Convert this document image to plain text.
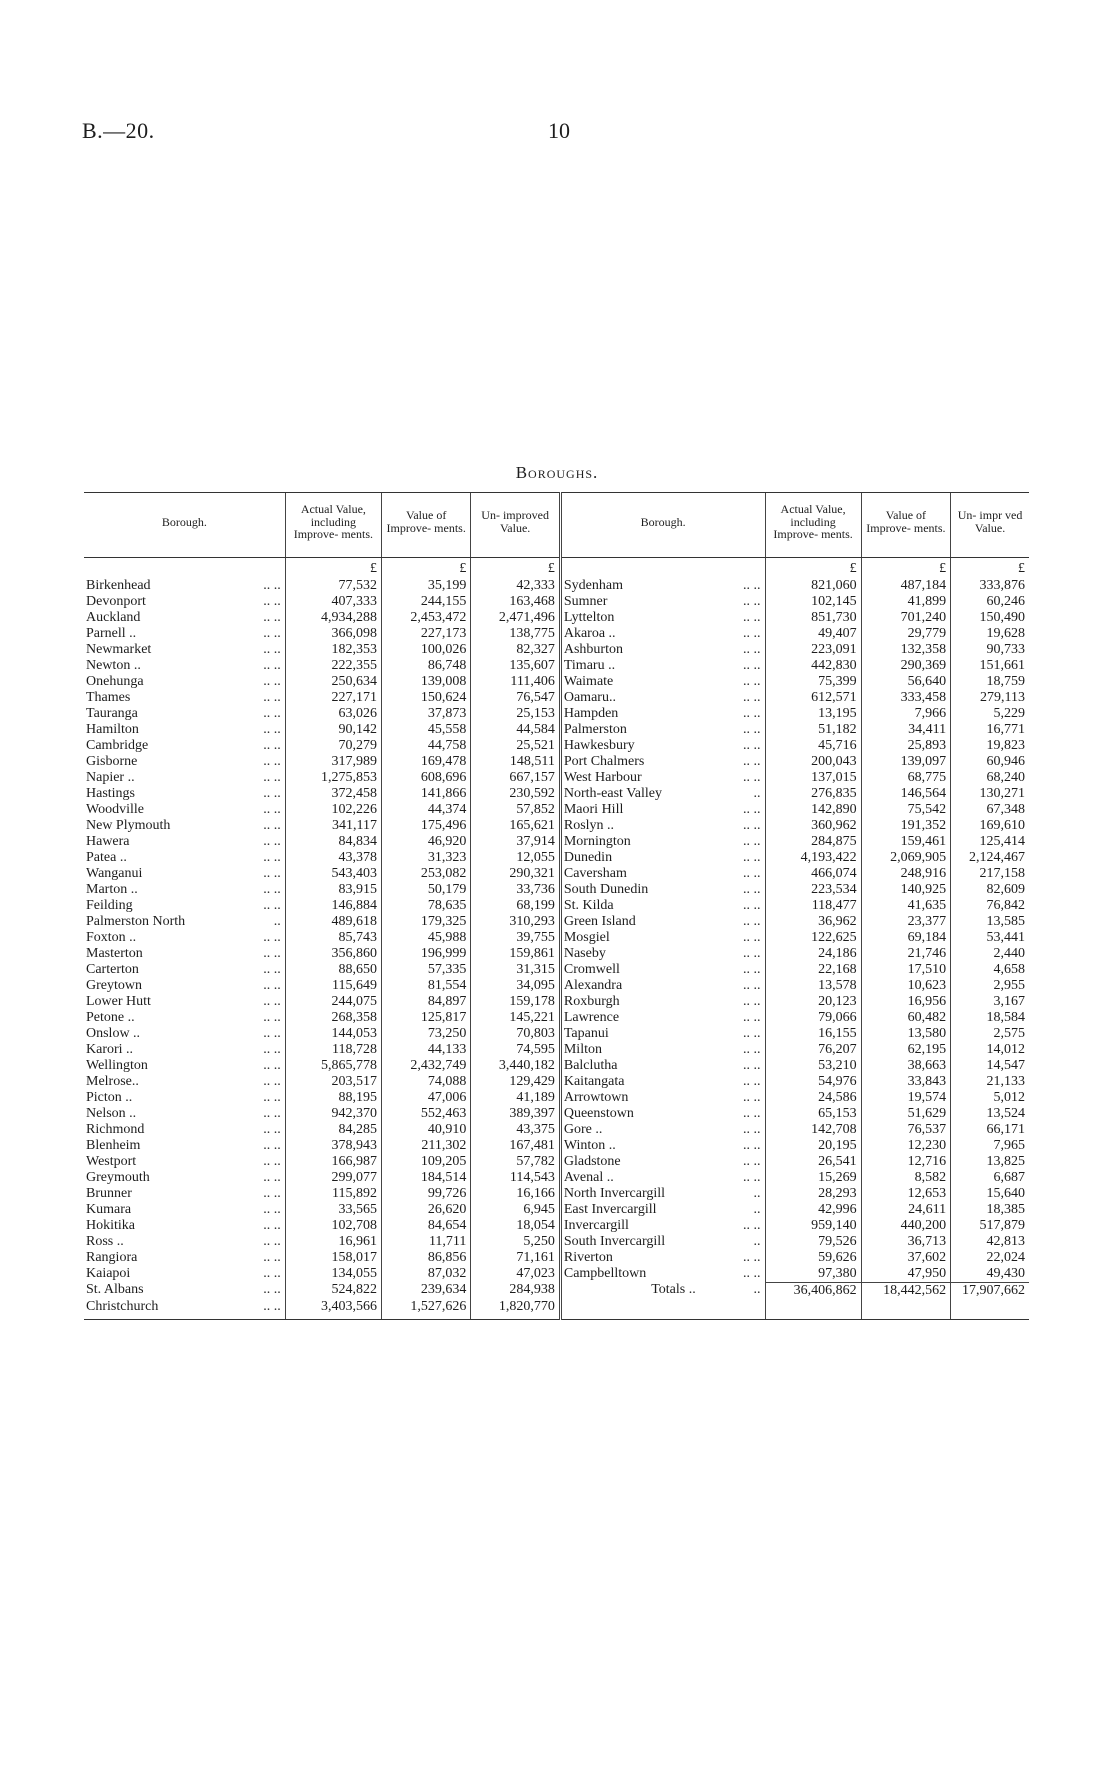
B.—20.	10
Boroughs.
Borough.		Actual Value, including Improve- ments.	Value of Improve- ments.	Un- improved Value.	Borough.		Actual Value, including Improve- ments.	Value of Improve- ments.	Un- impr ved Value.
		£	£	£			£	£	£
Birkenhead	.. ..	77,532	35,199	42,333	Sydenham	.. ..	821,060	487,184	333,876
Devonport	.. ..	407,333	244,155	163,468	Sumner	.. ..	102,145	41,899	60,246
Auckland	.. ..	4,934,288	2,453,472	2,471,496	Lyttelton	.. ..	851,730	701,240	150,490
Parnell ..	.. ..	366,098	227,173	138,775	Akaroa ..	.. ..	49,407	29,779	19,628
Newmarket	.. ..	182,353	100,026	82,327	Ashburton	.. ..	223,091	132,358	90,733
Newton ..	.. ..	222,355	86,748	135,607	Timaru ..	.. ..	442,830	290,369	151,661
Onehunga	.. ..	250,634	139,008	111,406	Waimate	.. ..	75,399	56,640	18,759
Thames	.. ..	227,171	150,624	76,547	Oamaru..	.. ..	612,571	333,458	279,113
Tauranga	.. ..	63,026	37,873	25,153	Hampden	.. ..	13,195	7,966	5,229
Hamilton	.. ..	90,142	45,558	44,584	Palmerston	.. ..	51,182	34,411	16,771
Cambridge	.. ..	70,279	44,758	25,521	Hawkesbury	.. ..	45,716	25,893	19,823
Gisborne	.. ..	317,989	169,478	148,511	Port Chalmers	.. ..	200,043	139,097	60,946
Napier ..	.. ..	1,275,853	608,696	667,157	West Harbour	.. ..	137,015	68,775	68,240
Hastings	.. ..	372,458	141,866	230,592	North-east Valley	..	276,835	146,564	130,271
Woodville	.. ..	102,226	44,374	57,852	Maori Hill	.. ..	142,890	75,542	67,348
New Plymouth	.. ..	341,117	175,496	165,621	Roslyn ..	.. ..	360,962	191,352	169,610
Hawera	.. ..	84,834	46,920	37,914	Mornington	.. ..	284,875	159,461	125,414
Patea ..	.. ..	43,378	31,323	12,055	Dunedin	.. ..	4,193,422	2,069,905	2,124,467
Wanganui	.. ..	543,403	253,082	290,321	Caversham	.. ..	466,074	248,916	217,158
Marton ..	.. ..	83,915	50,179	33,736	South Dunedin	.. ..	223,534	140,925	82,609
Feilding	.. ..	146,884	78,635	68,199	St. Kilda	.. ..	118,477	41,635	76,842
Palmerston North	..	489,618	179,325	310,293	Green Island	.. ..	36,962	23,377	13,585
Foxton ..	.. ..	85,743	45,988	39,755	Mosgiel	.. ..	122,625	69,184	53,441
Masterton	.. ..	356,860	196,999	159,861	Naseby	.. ..	24,186	21,746	2,440
Carterton	.. ..	88,650	57,335	31,315	Cromwell	.. ..	22,168	17,510	4,658
Greytown	.. ..	115,649	81,554	34,095	Alexandra	.. ..	13,578	10,623	2,955
Lower Hutt	.. ..	244,075	84,897	159,178	Roxburgh	.. ..	20,123	16,956	3,167
Petone ..	.. ..	268,358	125,817	145,221	Lawrence	.. ..	79,066	60,482	18,584
Onslow ..	.. ..	144,053	73,250	70,803	Tapanui	.. ..	16,155	13,580	2,575
Karori ..	.. ..	118,728	44,133	74,595	Milton	.. ..	76,207	62,195	14,012
Wellington	.. ..	5,865,778	2,432,749	3,440,182	Balclutha	.. ..	53,210	38,663	14,547
Melrose..	.. ..	203,517	74,088	129,429	Kaitangata	.. ..	54,976	33,843	21,133
Picton ..	.. ..	88,195	47,006	41,189	Arrowtown	.. ..	24,586	19,574	5,012
Nelson ..	.. ..	942,370	552,463	389,397	Queenstown	.. ..	65,153	51,629	13,524
Richmond	.. ..	84,285	40,910	43,375	Gore ..	.. ..	142,708	76,537	66,171
Blenheim	.. ..	378,943	211,302	167,481	Winton ..	.. ..	20,195	12,230	7,965
Westport	.. ..	166,987	109,205	57,782	Gladstone	.. ..	26,541	12,716	13,825
Greymouth	.. ..	299,077	184,514	114,543	Avenal ..	.. ..	15,269	8,582	6,687
Brunner	.. ..	115,892	99,726	16,166	North Invercargill	..	28,293	12,653	15,640
Kumara	.. ..	33,565	26,620	6,945	East Invercargill	..	42,996	24,611	18,385
Hokitika	.. ..	102,708	84,654	18,054	Invercargill	.. ..	959,140	440,200	517,879
Ross ..	.. ..	16,961	11,711	5,250	South Invercargill	..	79,526	36,713	42,813
Rangiora	.. ..	158,017	86,856	71,161	Riverton	.. ..	59,626	37,602	22,024
Kaiapoi	.. ..	134,055	87,032	47,023	Campbelltown	.. ..	97,380	47,950	49,430
St. Albans	.. ..	524,822	239,634	284,938	Totals ..	..	36,406,862	18,442,562	17,907,662
Christchurch	.. ..	3,403,566	1,527,626	1,820,770					
